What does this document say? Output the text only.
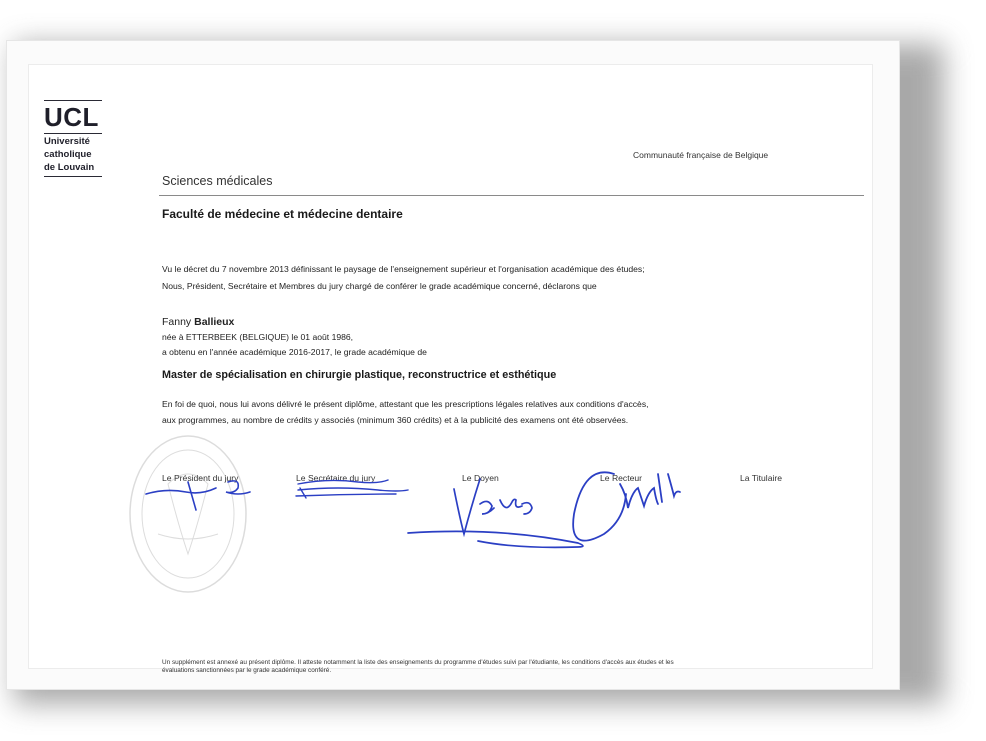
UCL
Université
catholique
de Louvain
Communauté française de Belgique
Sciences médicales
Faculté de médecine et médecine dentaire
Vu le décret du 7 novembre 2013 définissant le paysage de l'enseignement supérieur et l'organisation académique des études;
Nous, Président, Secrétaire et Membres du jury chargé de conférer le grade académique concerné, déclarons que
Fanny Ballieux
née à ETTERBEEK (BELGIQUE) le 01 août 1986,
a obtenu en l'année académique 2016-2017, le grade académique de
Master de spécialisation en chirurgie plastique, reconstructrice et esthétique
En foi de quoi, nous lui avons délivré le présent diplôme, attestant que les prescriptions légales relatives aux conditions d'accès,
aux programmes, au nombre de crédits y associés (minimum 360 crédits) et à la publicité des examens ont été observées.
Le Président du jury	Le Secrétaire du jury	Le Doyen	Le Recteur	La Titulaire
Un supplément est annexé au présent diplôme. Il atteste notamment la liste des enseignements du programme d'études suivi par l'étudiante, les conditions d'accès aux études et les
évaluations sanctionnées par le grade académique conféré.
